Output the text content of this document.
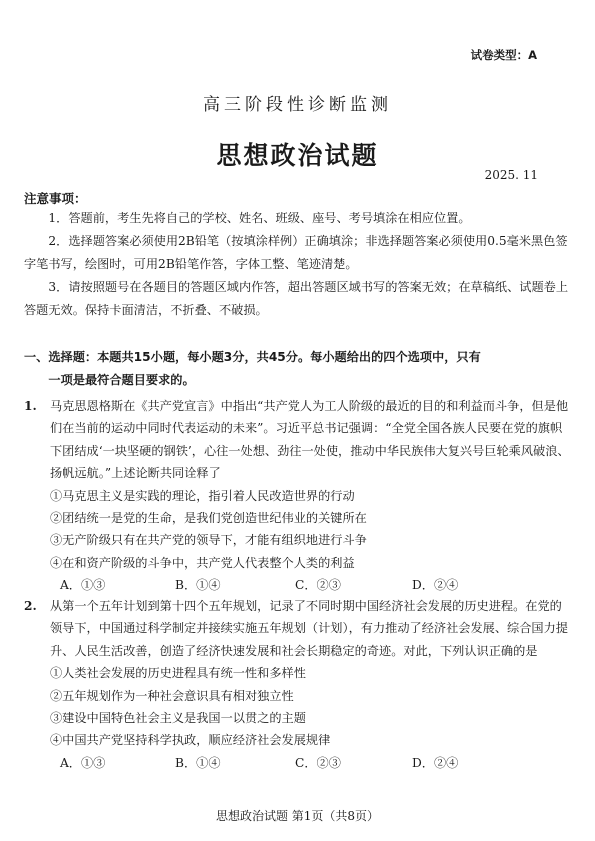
试卷类型：A
高三阶段性诊断监测
思想政治试题
2025. 11
注意事项：
1．答题前，考生先将自己的学校、姓名、班级、座号、考号填涂在相应位置。
2．选择题答案必须使用2B铅笔（按填涂样例）正确填涂；非选择题答案必须使用0.5毫米黑色签字笔书写，绘图时，可用2B铅笔作答，字体工整、笔迹清楚。
3．请按照题号在各题目的答题区域内作答，超出答题区域书写的答案无效；在草稿纸、试题卷上答题无效。保持卡面清洁，不折叠、不破损。
一、选择题：本题共15小题，每小题3分，共45分。每小题给出的四个选项中，只有
一项是最符合题目要求的。
1. 马克思恩格斯在《共产党宣言》中指出“共产党人为工人阶级的最近的目的和利益而斗争，但是他们在当前的运动中同时代表运动的未来”。习近平总书记强调：“全党全国各族人民要在党的旗帜下团结成‘一块坚硬的钢铁’，心往一处想、劲往一处使，推动中华民族伟大复兴号巨轮乘风破浪、扬帆远航。”上述论断共同诠释了
①马克思主义是实践的理论，指引着人民改造世界的行动
②团结统一是党的生命，是我们党创造世纪伟业的关键所在
③无产阶级只有在共产党的领导下，才能有组织地进行斗争
④在和资产阶级的斗争中，共产党人代表整个人类的利益
A．①③	B．①④	C．②③	D．②④
2. 从第一个五年计划到第十四个五年规划，记录了不同时期中国经济社会发展的历史进程。在党的领导下，中国通过科学制定并接续实施五年规划（计划），有力推动了经济社会发展、综合国力提升、人民生活改善，创造了经济快速发展和社会长期稳定的奇迹。对此，下列认识正确的是
①人类社会发展的历史进程具有统一性和多样性
②五年规划作为一种社会意识具有相对独立性
③建设中国特色社会主义是我国一以贯之的主题
④中国共产党坚持科学执政，顺应经济社会发展规律
A．①③	B．①④	C．②③	D．②④
思想政治试题 第1页（共8页）
